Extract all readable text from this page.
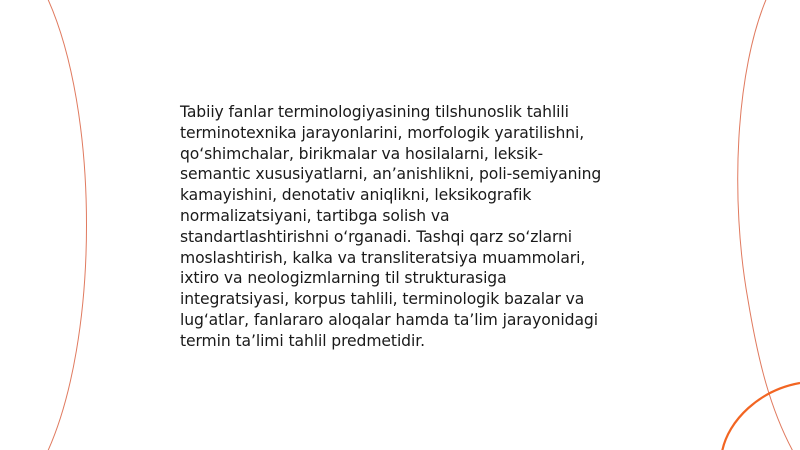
Tabiiy fanlar terminologiyasining tilshunoslik tahlili
terminotexnika jarayonlarini, morfologik yaratilishni,
qo‘shimchalar, birikmalar va hosilalarni, leksik-
semantic xususiyatlarni, an’anishlikni, poli-semiyaning
kamayishini, denotativ aniqlikni, leksikografik
normalizatsiyani, tartibga solish va
standartlashtirishni o‘rganadi. Tashqi qarz so‘zlarni
moslashtirish, kalka va transliteratsiya muammolari,
ixtiro va neologizmlarning til strukturasiga
integratsiyasi, korpus tahlili, terminologik bazalar va
lug‘atlar, fanlararo aloqalar hamda ta’lim jarayonidagi
termin ta’limi tahlil predmetidir.
